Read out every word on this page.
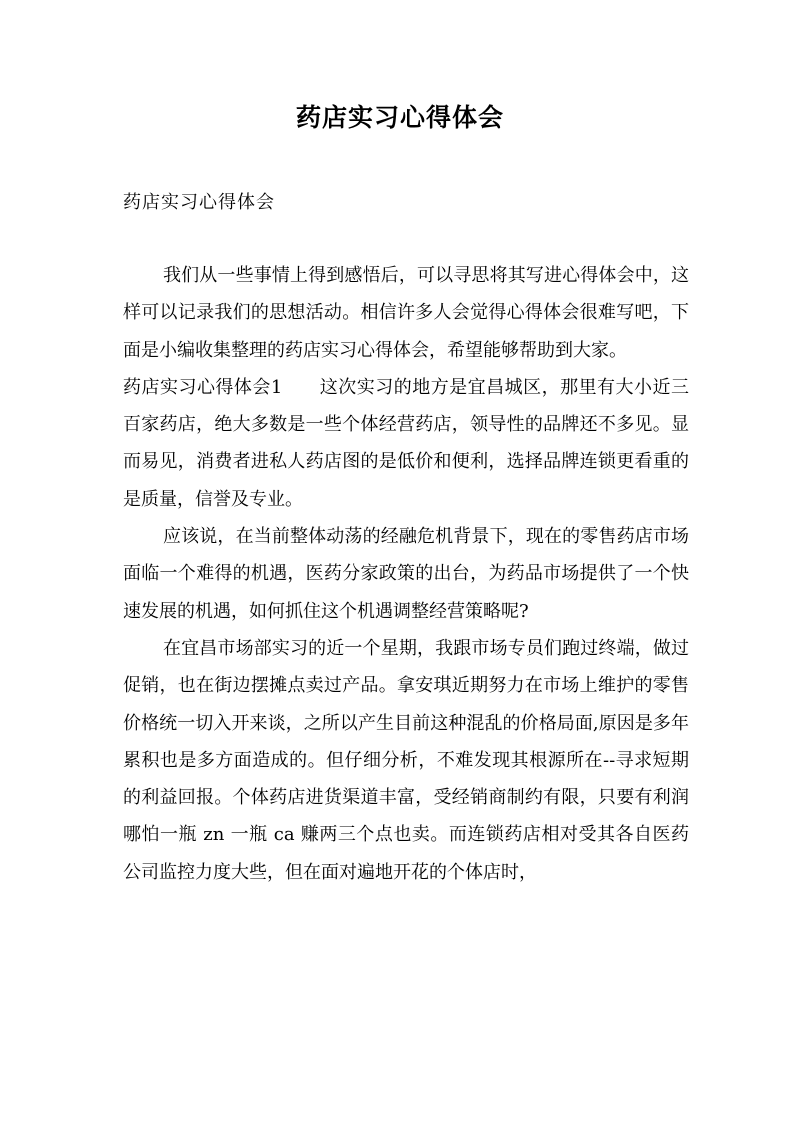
药店实习心得体会
药店实习心得体会

我们从一些事情上得到感悟后，可以寻思将其写进心得体会中，这样可以记录我们的思想活动。相信许多人会觉得心得体会很难写吧，下面是小编收集整理的药店实习心得体会，希望能够帮助到大家。

药店实习心得体会1　　这次实习的地方是宜昌城区，那里有大小近三百家药店，绝大多数是一些个体经营药店，领导性的品牌还不多见。显而易见，消费者进私人药店图的是低价和便利，选择品牌连锁更看重的是质量，信誉及专业。

应该说，在当前整体动荡的经融危机背景下，现在的零售药店市场面临一个难得的机遇，医药分家政策的出台，为药品市场提供了一个快速发展的机遇，如何抓住这个机遇调整经营策略呢?

在宜昌市场部实习的近一个星期，我跟市场专员们跑过终端，做过促销，也在街边摆摊点卖过产品。拿安琪近期努力在市场上维护的零售价格统一切入开来谈，之所以产生目前这种混乱的价格局面,原因是多年累积也是多方面造成的。但仔细分析，不难发现其根源所在--寻求短期的利益回报。个体药店进货渠道丰富，受经销商制约有限，只要有利润哪怕一瓶 zn 一瓶 ca 赚两三个点也卖。而连锁药店相对受其各自医药公司监控力度大些，但在面对遍地开花的个体店时，
